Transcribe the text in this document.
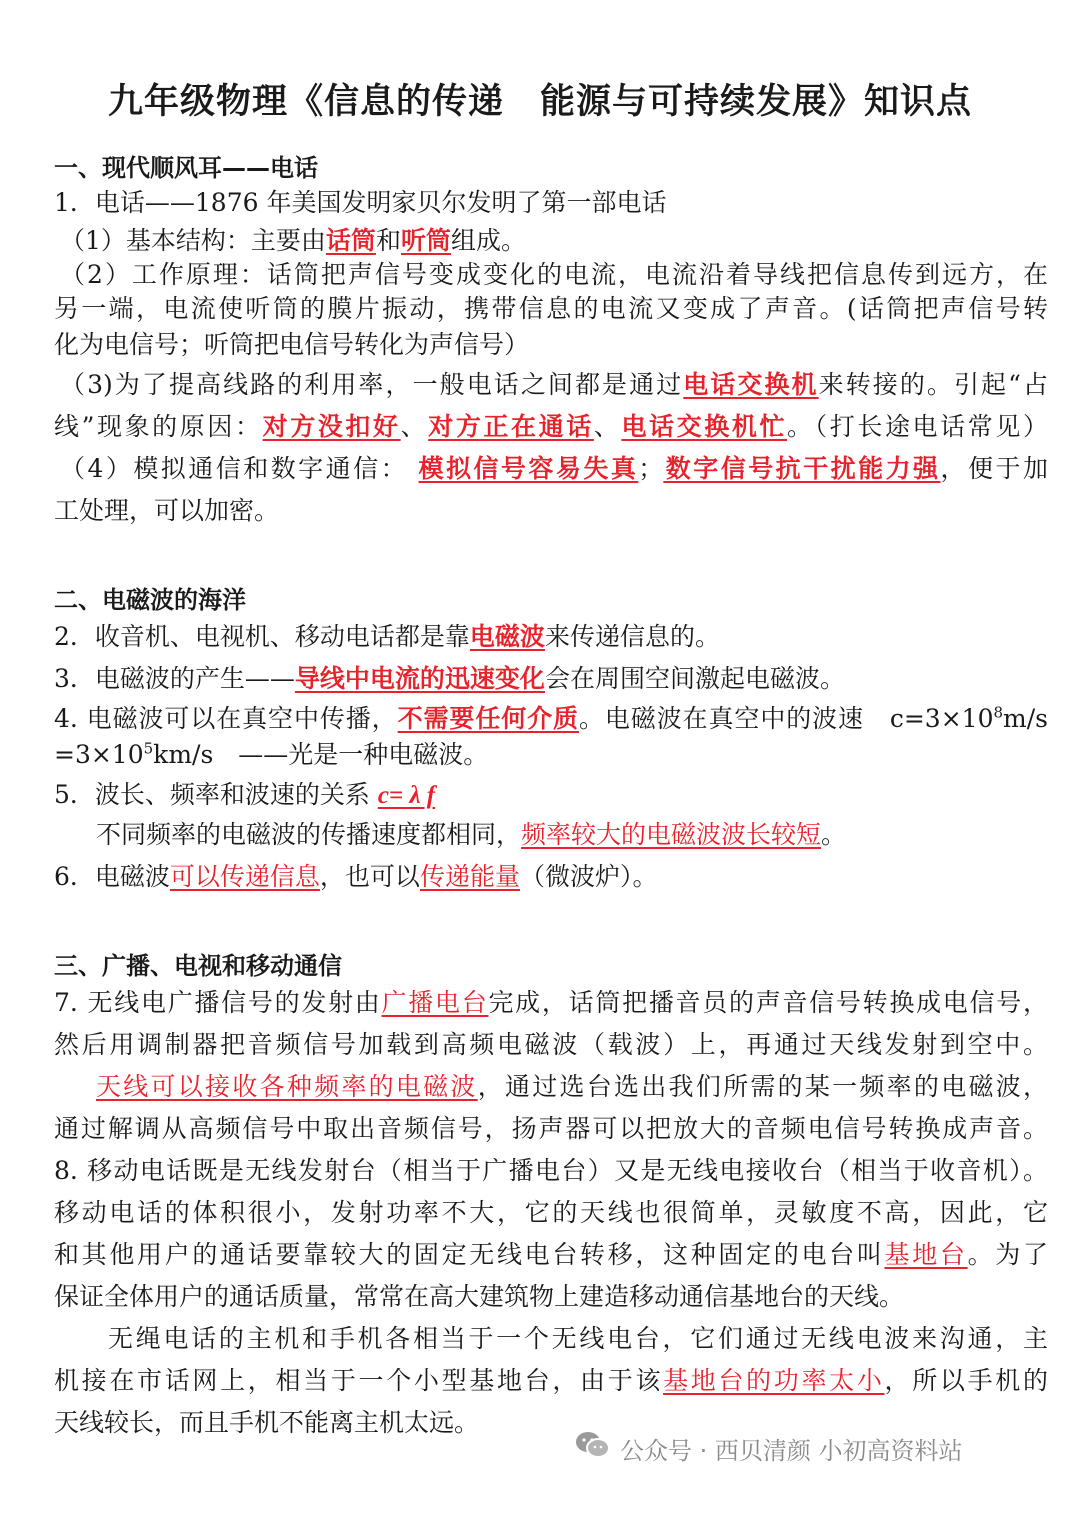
九年级物理《信息的传递　能源与可持续发展》知识点
一、现代顺风耳——电话
1．电话——1876 年美国发明家贝尔发明了第一部电话
（1）基本结构：主要由话筒和听筒组成。
（2）工作原理：话筒把声信号变成变化的电流，电流沿着导线把信息传到远方，在
另一端，电流使听筒的膜片振动，携带信息的电流又变成了声音。(话筒把声信号转
化为电信号；听筒把电信号转化为声信号）
（3)为了提高线路的利用率，一般电话之间都是通过电话交换机来转接的。引起“占
线”现象的原因：对方没扣好、对方正在通话、电话交换机忙。（打长途电话常见）
（4）模拟通信和数字通信： 模拟信号容易失真；数字信号抗干扰能力强，便于加
工处理，可以加密。
二、电磁波的海洋
2．收音机、电视机、移动电话都是靠电磁波来传递信息的。
3．电磁波的产生——导线中电流的迅速变化会在周围空间激起电磁波。
4. 电磁波可以在真空中传播，不需要任何介质。电磁波在真空中的波速　$c=3\times 10^8m/s$
$=3\times 10^5km/s$　——光是一种电磁波。
5．波长、频率和波速的关系 c= λ f
不同频率的电磁波的传播速度都相同，频率较大的电磁波波长较短。
6．电磁波可以传递信息，也可以传递能量（微波炉）。
三、广播、电视和移动通信
7. 无线电广播信号的发射由广播电台完成，话筒把播音员的声音信号转换成电信号，
然后用调制器把音频信号加载到高频电磁波（载波）上，再通过天线发射到空中。
天线可以接收各种频率的电磁波，通过选台选出我们所需的某一频率的电磁波，
通过解调从高频信号中取出音频信号，扬声器可以把放大的音频电信号转换成声音。
8. 移动电话既是无线发射台（相当于广播电台）又是无线电接收台（相当于收音机）。
移动电话的体积很小，发射功率不大，它的天线也很简单，灵敏度不高，因此，它
和其他用户的通话要靠较大的固定无线电台转移，这种固定的电台叫基地台。为了
保证全体用户的通话质量，常常在高大建筑物上建造移动通信基地台的天线。
无绳电话的主机和手机各相当于一个无线电台，它们通过无线电波来沟通，主
机接在市话网上，相当于一个小型基地台，由于该基地台的功率太小，所以手机的
天线较长，而且手机不能离主机太远。
公众号 · 西贝清颜 小初高资料站
